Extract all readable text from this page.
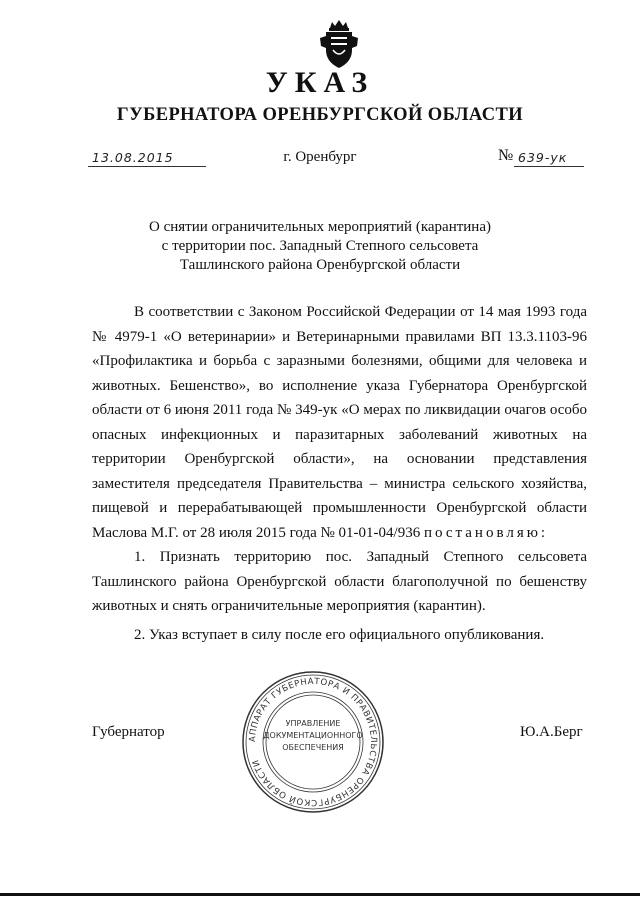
УКАЗ
ГУБЕРНАТОРА ОРЕНБУРГСКОЙ ОБЛАСТИ
13.08.2015	г. Оренбург	№ 639-ук
О снятии ограничительных мероприятий (карантина)
с территории пос. Западный Степного сельсовета
Ташлинского района Оренбургской области

В соответствии с Законом Российской Федерации от 14 мая 1993 года № 4979-1 «О ветеринарии» и Ветеринарными правилами ВП 13.3.1103-96 «Профилактика и борьба с заразными болезнями, общими для человека и животных. Бешенство», во исполнение указа Губернатора Оренбургской области от 6 июня 2011 года № 349-ук «О мерах по ликвидации очагов особо опасных инфекционных и паразитарных заболеваний животных на территории Оренбургской области», на основании представления заместителя председателя Правительства – министра сельского хозяйства, пищевой и перерабатывающей промышленности Оренбургской области Маслова М.Г. от 28 июля 2015 года № 01-01-04/936 постановляю:

1. Признать территорию пос. Западный Степного сельсовета Ташлинского района Оренбургской области благополучной по бешенству животных и снять ограничительные мероприятия (карантин).

2. Указ вступает в силу после его официального опубликования.

Губернатор	Ю.А.Берг
АППАРАТ ГУБЕРНАТОРА И ПРАВИТЕЛЬСТВА ОРЕНБУРГСКОЙ ОБЛАСТИ
УПРАВЛЕНИЕ
ДОКУМЕНТАЦИОННОГО
ОБЕСПЕЧЕНИЯ
